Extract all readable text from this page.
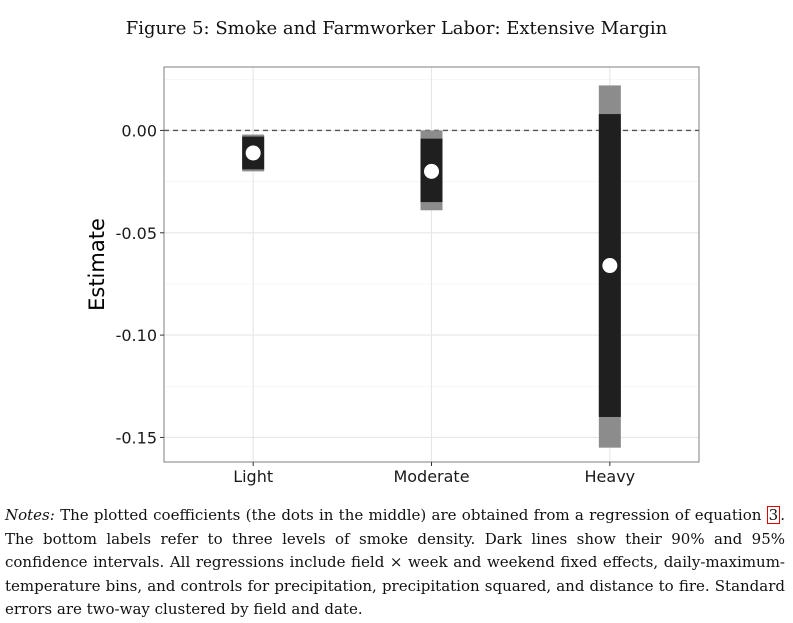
Figure 5: Smoke and Farmworker Labor: Extensive Margin
0.00
-0.05
-0.10
-0.15
Light	Moderate	Heavy
Estimate

Notes: The plotted coefficients (the dots in the middle) are obtained from a regression of equation 3 . The bottom labels refer to three levels of smoke density. Dark lines show their 90% and 95% confidence intervals. All regressions include field × week and weekend fixed effects, daily-maximum-temperature bins, and controls for precipitation, precipitation squared, and distance to fire. Standard errors are two-way clustered by field and date.
